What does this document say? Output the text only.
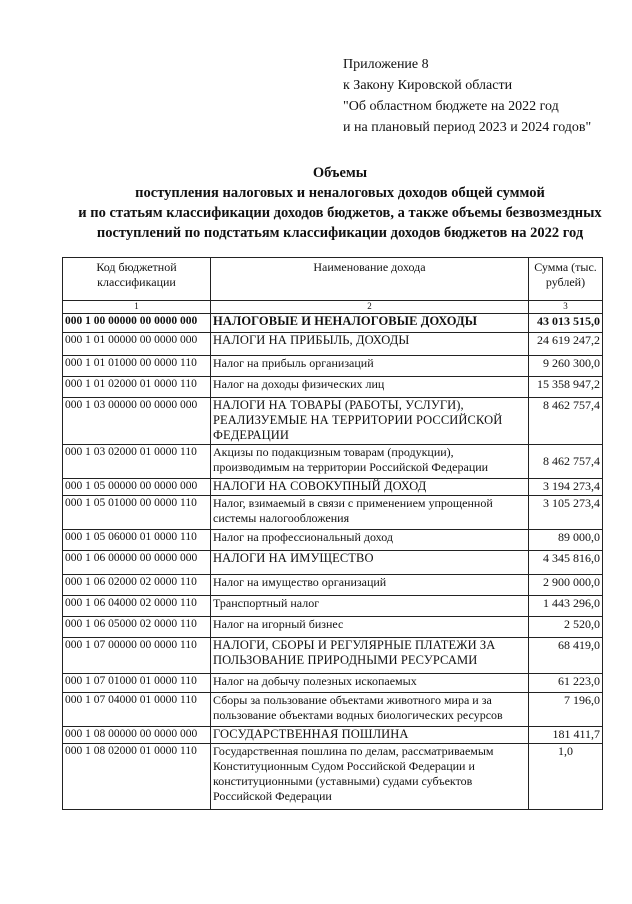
Приложение 8
к Закону Кировской области
"Об областном бюджете на 2022 год
и на плановый период 2023 и 2024 годов"
Объемы
поступления налоговых и неналоговых доходов общей суммой
и по статьям классификации доходов бюджетов, а также объемы безвозмездных
поступлений по подстатьям классификации доходов бюджетов на 2022 год
Код бюджетной классификации	Наименование дохода	Сумма (тыс. рублей)
1	2	3
000 1 00 00000 00 0000 000	НАЛОГОВЫЕ И НЕНАЛОГОВЫЕ ДОХОДЫ	43 013 515,0
000 1 01 00000 00 0000 000	НАЛОГИ НА ПРИБЫЛЬ, ДОХОДЫ	24 619 247,2
000 1 01 01000 00 0000 110	Налог на прибыль организаций	9 260 300,0
000 1 01 02000 01 0000 110	Налог на доходы физических лиц	15 358 947,2
000 1 03 00000 00 0000 000	НАЛОГИ НА ТОВАРЫ (РАБОТЫ, УСЛУГИ), РЕАЛИЗУЕМЫЕ НА ТЕРРИТОРИИ РОССИЙСКОЙ ФЕДЕРАЦИИ	8 462 757,4
000 1 03 02000 01 0000 110	Акцизы по подакцизным товарам (продукции), производимым на территории Российской Федерации	8 462 757,4
000 1 05 00000 00 0000 000	НАЛОГИ НА СОВОКУПНЫЙ ДОХОД	3 194 273,4
000 1 05 01000 00 0000 110	Налог, взимаемый в связи с применением упрощенной системы налогообложения	3 105 273,4
000 1 05 06000 01 0000 110	Налог на профессиональный доход	89 000,0
000 1 06 00000 00 0000 000	НАЛОГИ НА ИМУЩЕСТВО	4 345 816,0
000 1 06 02000 02 0000 110	Налог на имущество организаций	2 900 000,0
000 1 06 04000 02 0000 110	Транспортный налог	1 443 296,0
000 1 06 05000 02 0000 110	Налог на игорный бизнес	2 520,0
000 1 07 00000 00 0000 110	НАЛОГИ, СБОРЫ И РЕГУЛЯРНЫЕ ПЛАТЕЖИ ЗА ПОЛЬЗОВАНИЕ ПРИРОДНЫМИ РЕСУРСАМИ	68 419,0
000 1 07 01000 01 0000 110	Налог на добычу полезных ископаемых	61 223,0
000 1 07 04000 01 0000 110	Сборы за пользование объектами животного мира и за пользование объектами водных биологических ресурсов	7 196,0
000 1 08 00000 00 0000 000	ГОСУДАРСТВЕННАЯ ПОШЛИНА	181 411,7
000 1 08 02000 01 0000 110	Государственная пошлина по делам, рассматриваемым Конституционным Судом Российской Федерации и конституционными (уставными) судами субъектов Российской Федерации	1,0
